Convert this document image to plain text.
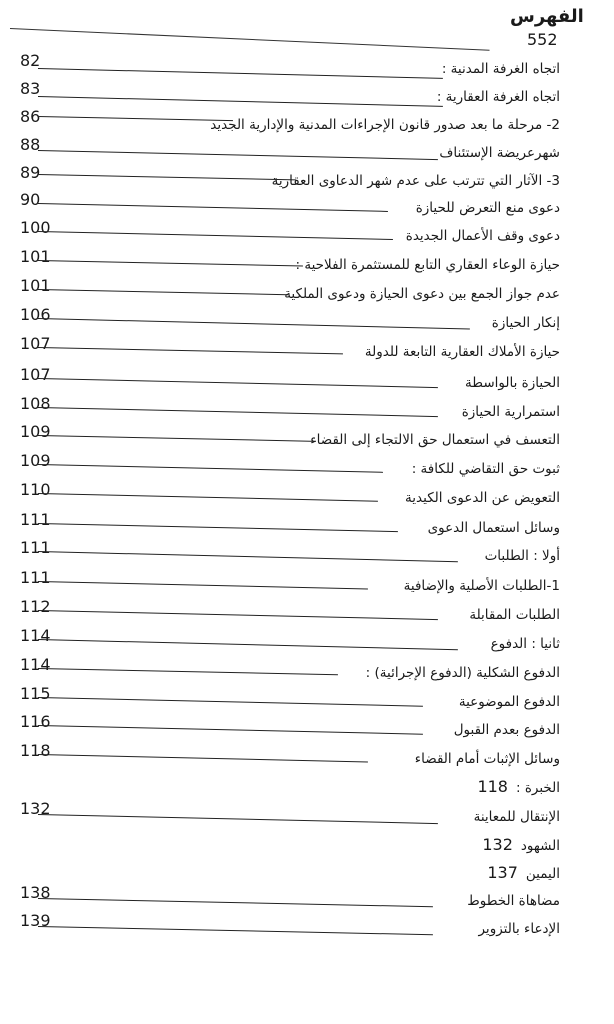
الفهرس
552
82	اتجاه الغرفة المدنية :
83	اتجاه الغرفة العقارية :
86	2- مرحلة ما بعد صدور قانون الإجراءات المدنية والإدارية الجديد
88	شهرعريضة الإستئناف
89	3- الآثار التي تترتب على عدم شهر الدعاوى العقارية
90	دعوى منع التعرض للحيازة
100	دعوى وقف الأعمال الجديدة
101	حيازة الوعاء العقاري التابع للمستثمرة الفلاحية :
101	عدم جواز الجمع بين دعوى الحيازة ودعوى الملكية
106	إنكار الحيازة
107	حيازة الأملاك العقارية التابعة للدولة
107	الحيازة بالواسطة
108	استمرارية الحيازة
109	التعسف في استعمال حق الالتجاء إلى القضاء
109	ثبوت حق التقاضي للكافة :
110	التعويض عن الدعوى الكيدية
111	وسائل استعمال الدعوى
111	أولا : الطلبات
111	1-الطلبات الأصلية والإضافية
112	الطلبات المقابلة
114	ثانيا : الدفوع
114	الدفوع الشكلية (الدفوع الإجرائية) :
115	الدفوع الموضوعية
116	الدفوع بعدم القبول
118	وسائل الإثبات أمام القضاء
الخبرة :118
132	الإنتقال للمعاينة
الشهود132
اليمين137
138	مضاهاة الخطوط
139	الإدعاء بالتزوير
